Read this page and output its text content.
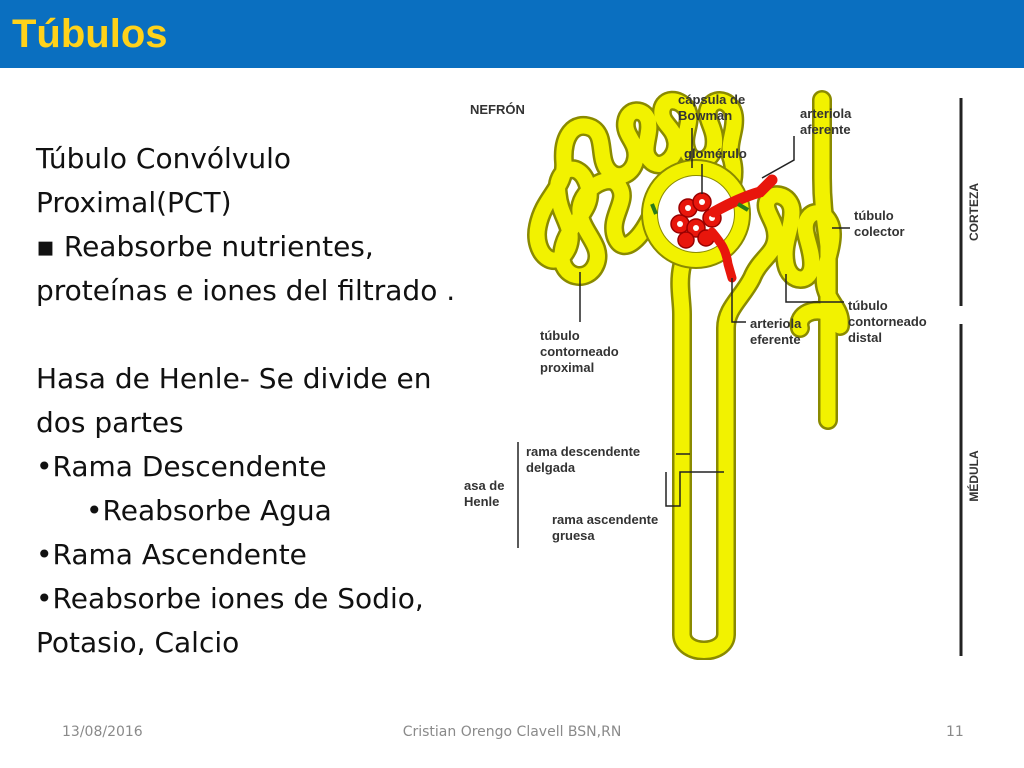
Túbulos
Túbulo Convólvulo
Proximal(PCT)
▪ Reabsorbe nutrientes,
proteínas e iones del filtrado .
Hasa de Henle- Se divide en
dos partes
•Rama Descendente
•Reabsorbe Agua
•Rama Ascendente
•Reabsorbe iones de Sodio,
Potasio, Calcio
NEFRÓN
cápsula de
Bowman	arteriola
aferente
glomérulo
túbulo
colector
túbulo
contorneado
distal
arteriola
eferente
túbulo
contorneado
proximal
rama descendente
delgada
asa de
Henle
rama ascendente
gruesa
CORTEZA
MÉDULA
13/08/2016	Cristian Orengo Clavell BSN,RN	11
